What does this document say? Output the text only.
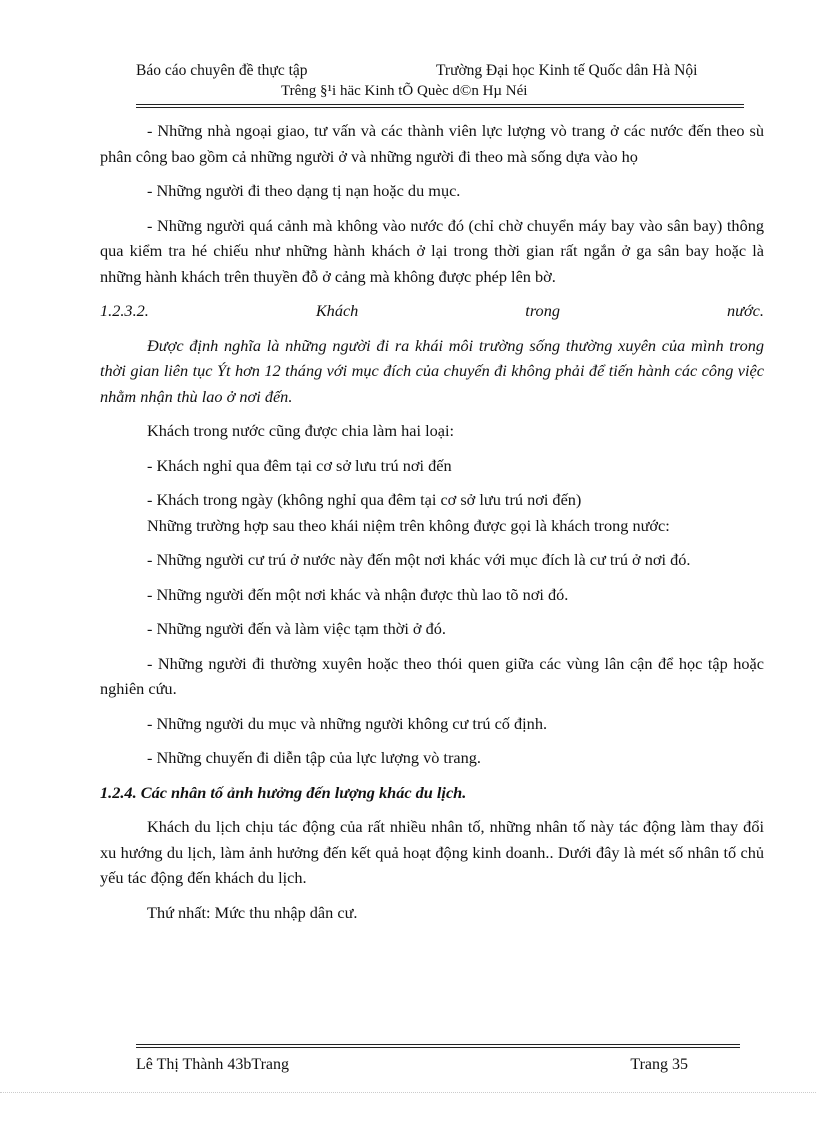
Báo cáo chuyên đề thực tập	Trường Đại học Kinh tế Quốc dân Hà Nội
Trêng §¹i häc Kinh tÕ Quèc d©n Hµ Néi

- Những nhà ngoại giao, tư vấn và các thành viên lực lượng vò trang ở các nước đến theo sù phân công bao gồm cả những người ở và những người đi theo mà sống dựa vào họ

- Những người đi theo dạng tị nạn hoặc du mục.

- Những người quá cảnh mà không vào nước đó (chỉ chờ chuyển máy bay vào sân bay) thông qua kiểm tra hé chiếu như những hành khách ở lại trong thời gian rất ngắn ở ga sân bay hoặc là những hành khách trên thuyền đỗ ở cảng mà không được phép lên bờ.

1.2.3.2.	Khách	trong	nước.

Được định nghĩa là những người đi ra khái môi trường sống thường xuyên của mình trong thời gian liên tục Ýt hơn 12 tháng với mục đích của chuyến đi không phải để tiến hành các công việc nhằm nhận thù lao ở nơi đến.

Khách trong nước cũng được chia làm hai loại:

- Khách nghỉ qua đêm tại cơ sở lưu trú nơi đến

- Khách trong ngày (không nghỉ qua đêm tại cơ sở lưu trú nơi đến)

Những trường hợp sau theo khái niệm trên không được gọi là khách trong nước:

- Những người cư trú ở nước này đến một nơi khác với mục đích là cư trú ở nơi đó.

- Những người đến một nơi khác và nhận được thù lao tõ nơi đó.

- Những người đến và làm việc tạm thời ở đó.

- Những người đi thường xuyên hoặc theo thói quen giữa các vùng lân cận để học tập hoặc nghiên cứu.

- Những người du mục và những người không cư trú cố định.

- Những chuyến đi diễn tập của lực lượng vò trang.

1.2.4. Các nhân tố ảnh hưởng đến lượng khác du lịch.

Khách du lịch chịu tác động của rất nhiều nhân tố, những nhân tố này tác động làm thay đổi xu hướng du lịch, làm ảnh hưởng đến kết quả hoạt động kinh doanh.. Dưới đây là mét số nhân tố chủ yếu tác động đến khách du lịch.

Thứ nhất: Mức thu nhập dân cư.

Lê Thị Thành 43bTrang	Trang 35
